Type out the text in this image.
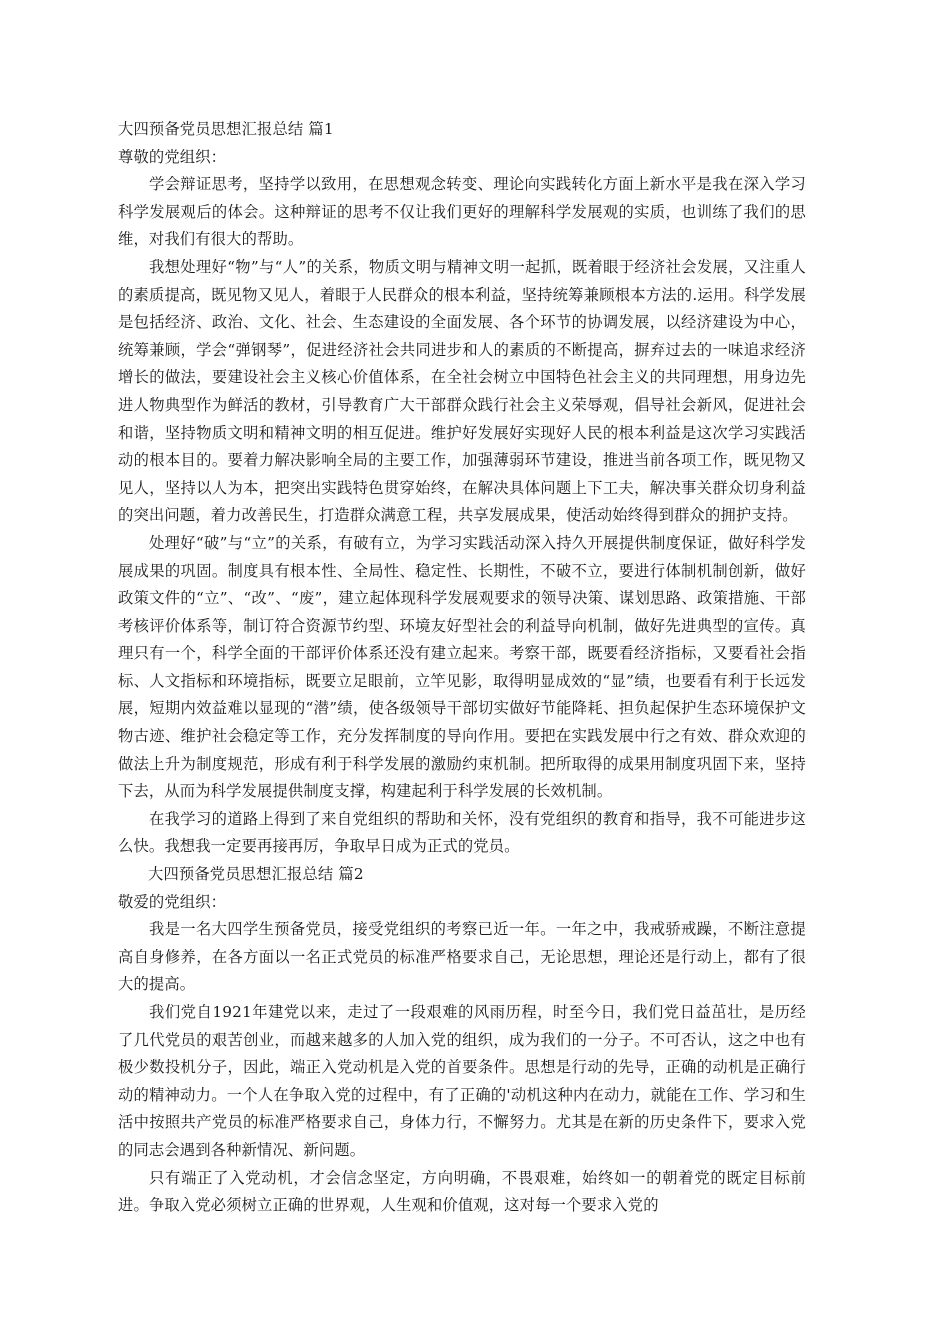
大四预备党员思想汇报总结 篇1

尊敬的党组织：

学会辩证思考，坚持学以致用，在思想观念转变、理论向实践转化方面上新水平是我在深入学习科学发展观后的体会。这种辩证的思考不仅让我们更好的理解科学发展观的实质，也训练了我们的思维，对我们有很大的帮助。

我想处理好“物”与“人”的关系，物质文明与精神文明一起抓，既着眼于经济社会发展，又注重人的素质提高，既见物又见人，着眼于人民群众的根本利益，坚持统筹兼顾根本方法的.运用。科学发展是包括经济、政治、文化、社会、生态建设的全面发展、各个环节的协调发展，以经济建设为中心，统筹兼顾，学会“弹钢琴”，促进经济社会共同进步和人的素质的不断提高，摒弃过去的一味追求经济增长的做法，要建设社会主义核心价值体系，在全社会树立中国特色社会主义的共同理想，用身边先进人物典型作为鲜活的教材，引导教育广大干部群众践行社会主义荣辱观，倡导社会新风，促进社会和谐，坚持物质文明和精神文明的相互促进。维护好发展好实现好人民的根本利益是这次学习实践活动的根本目的。要着力解决影响全局的主要工作，加强薄弱环节建设，推进当前各项工作，既见物又见人，坚持以人为本，把突出实践特色贯穿始终，在解决具体问题上下工夫，解决事关群众切身利益的突出问题，着力改善民生，打造群众满意工程，共享发展成果，使活动始终得到群众的拥护支持。

处理好“破”与“立”的关系，有破有立，为学习实践活动深入持久开展提供制度保证，做好科学发展成果的巩固。制度具有根本性、全局性、稳定性、长期性，不破不立，要进行体制机制创新，做好政策文件的“立”、“改”、“废”，建立起体现科学发展观要求的领导决策、谋划思路、政策措施、干部考核评价体系等，制订符合资源节约型、环境友好型社会的利益导向机制，做好先进典型的宣传。真理只有一个，科学全面的干部评价体系还没有建立起来。考察干部，既要看经济指标，又要看社会指标、人文指标和环境指标，既要立足眼前，立竿见影，取得明显成效的“显”绩，也要看有利于长远发展，短期内效益难以显现的“潜”绩，使各级领导干部切实做好节能降耗、担负起保护生态环境保护文物古迹、维护社会稳定等工作，充分发挥制度的导向作用。要把在实践发展中行之有效、群众欢迎的做法上升为制度规范，形成有利于科学发展的激励约束机制。把所取得的成果用制度巩固下来，坚持下去，从而为科学发展提供制度支撑，构建起利于科学发展的长效机制。

在我学习的道路上得到了来自党组织的帮助和关怀，没有党组织的教育和指导，我不可能进步这么快。我想我一定要再接再厉，争取早日成为正式的党员。

大四预备党员思想汇报总结 篇2

敬爱的党组织：

我是一名大四学生预备党员，接受党组织的考察已近一年。一年之中，我戒骄戒躁，不断注意提高自身修养，在各方面以一名正式党员的标准严格要求自己，无论思想，理论还是行动上，都有了很大的提高。

我们党自1921年建党以来，走过了一段艰难的风雨历程，时至今日，我们党日益茁壮，是历经了几代党员的艰苦创业，而越来越多的人加入党的组织，成为我们的一分子。不可否认，这之中也有极少数投机分子，因此，端正入党动机是入党的首要条件。思想是行动的先导，正确的动机是正确行动的精神动力。一个人在争取入党的过程中，有了正确的'动机这种内在动力，就能在工作、学习和生活中按照共产党员的标准严格要求自己，身体力行，不懈努力。尤其是在新的历史条件下，要求入党的同志会遇到各种新情况、新问题。

只有端正了入党动机，才会信念坚定，方向明确，不畏艰难，始终如一的朝着党的既定目标前进。争取入党必须树立正确的世界观，人生观和价值观，这对每一个要求入党的
